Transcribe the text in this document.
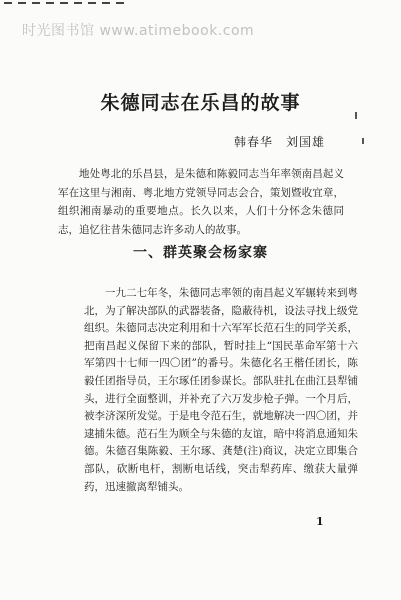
时光图书馆 www.atimebook.com
朱德同志在乐昌的故事
韩春华　刘国雄

地处粤北的乐昌县，是朱德和陈毅同志当年率领南昌起义军在这里与湘南、粤北地方党领导同志会合，策划暨收宜章，组织湘南暴动的重要地点。长久以来，人们十分怀念朱德同志，追忆往昔朱德同志许多动人的故事。

一、群英聚会杨家寨

一九二七年冬，朱德同志率领的南昌起义军辗转来到粤北，为了解决部队的武器装备，隐蔽待机，设法寻找上级党组织。朱德同志决定利用和十六军军长范石生的同学关系，把南昌起义保留下来的部队，暂时挂上“国民革命军第十六军第四十七师一四〇团”的番号。朱德化名王楷任团长，陈毅任团指导员，王尔琢任团参谋长。部队驻扎在曲江县犁铺头，进行全面整训，并补充了六万发步枪子弹。一个月后，被李济深所发觉。于是电令范石生，就地解决一四〇团，并逮捕朱德。范石生为顾全与朱德的友谊，暗中将消息通知朱德。朱德召集陈毅、王尔琢、龚楚(注)商议，决定立即集合部队，砍断电杆，割断电话线，突击犁药库、缴获大量弹药，迅速撤离犁铺头。

1
